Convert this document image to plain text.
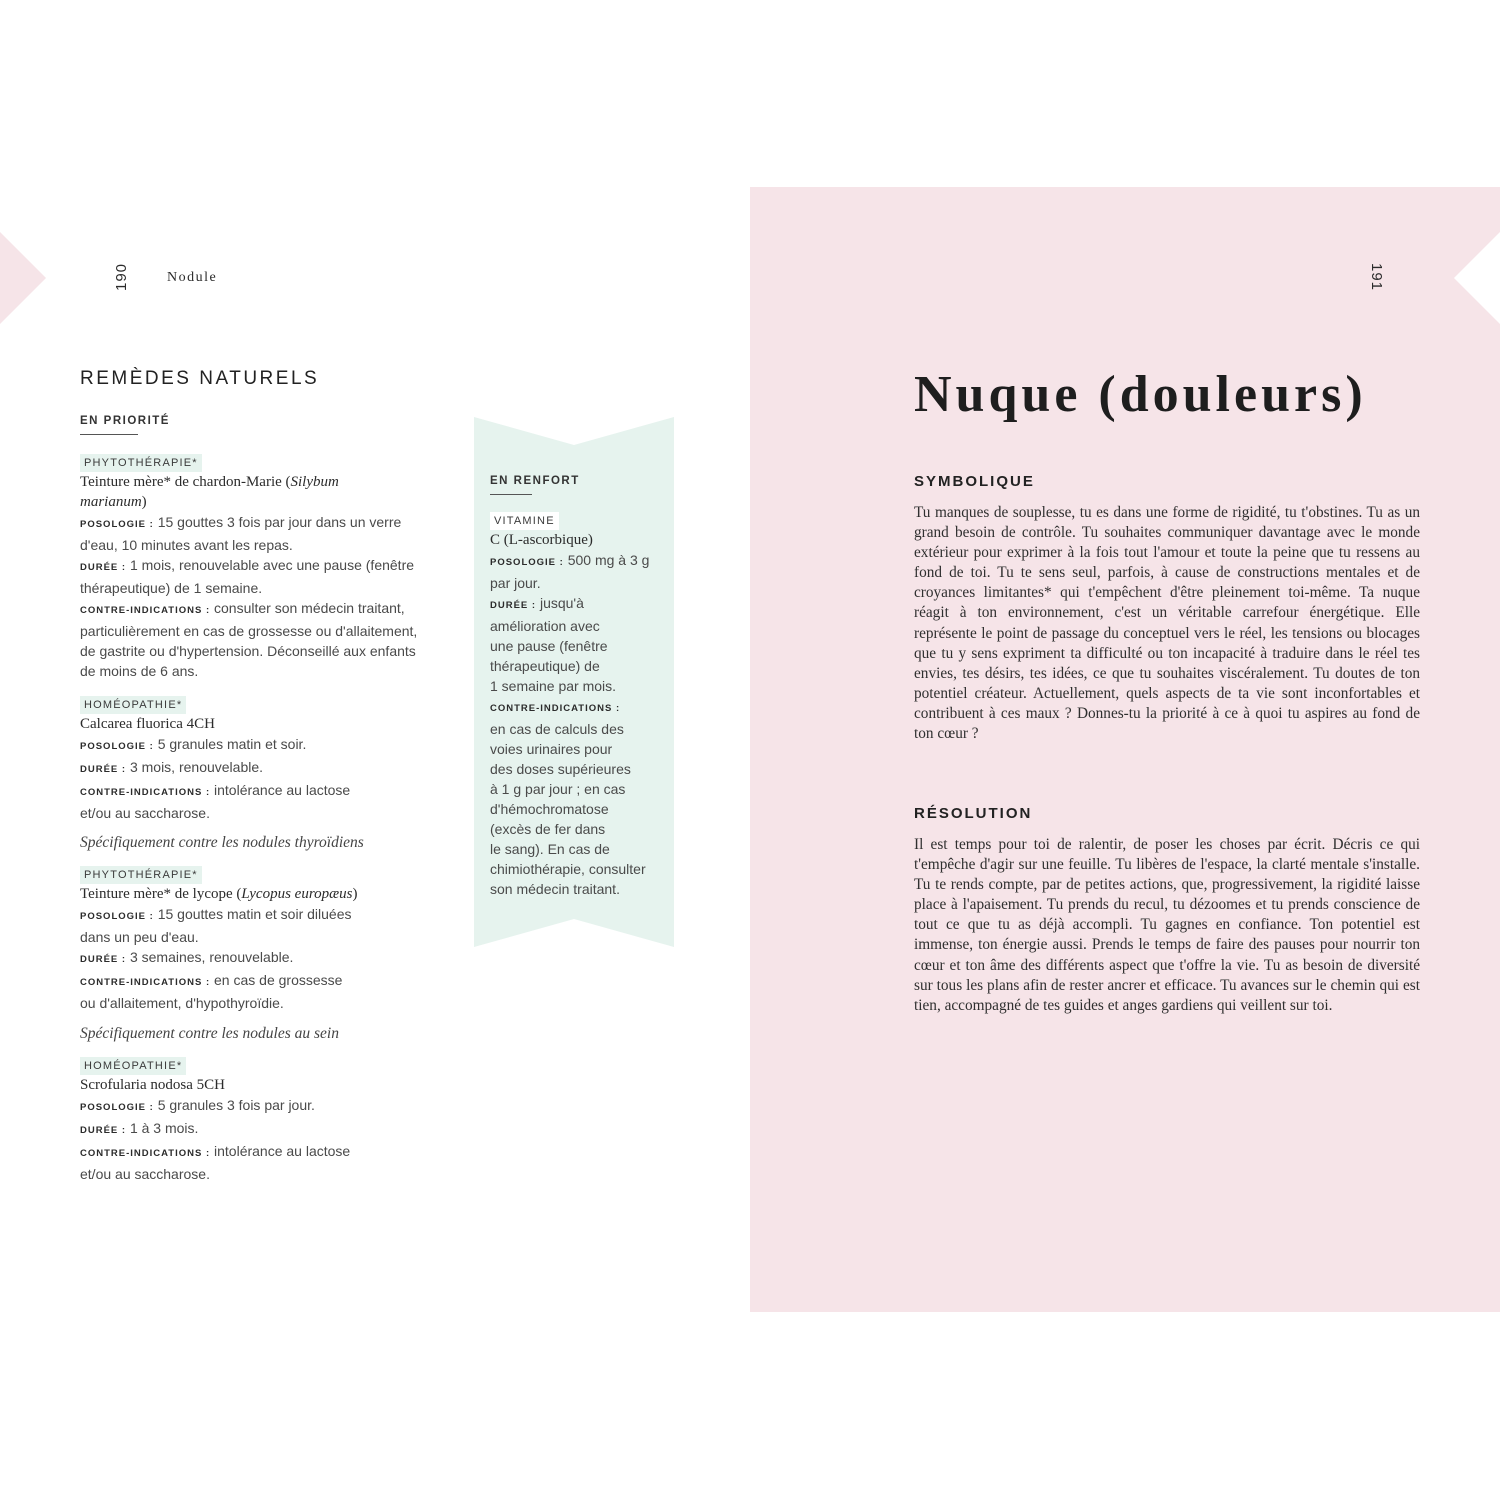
190	Nodule
REMÈDES NATURELS
EN PRIORITÉ
PHYTOTHÉRAPIE*
Teinture mère* de chardon-Marie (Silybum
marianum)
POSOLOGIE : 15 gouttes 3 fois par jour dans un verre
d'eau, 10 minutes avant les repas.
DURÉE : 1 mois, renouvelable avec une pause (fenêtre
thérapeutique) de 1 semaine.
CONTRE-INDICATIONS : consulter son médecin traitant,
particulièrement en cas de grossesse ou d'allaitement,
de gastrite ou d'hypertension. Déconseillé aux enfants
de moins de 6 ans.
HOMÉOPATHIE*
Calcarea fluorica 4CH
POSOLOGIE : 5 granules matin et soir.
DURÉE : 3 mois, renouvelable.
CONTRE-INDICATIONS : intolérance au lactose
et/ou au saccharose.
Spécifiquement contre les nodules thyroïdiens
PHYTOTHÉRAPIE*
Teinture mère* de lycope (Lycopus europæus)
POSOLOGIE : 15 gouttes matin et soir diluées
dans un peu d'eau.
DURÉE : 3 semaines, renouvelable.
CONTRE-INDICATIONS : en cas de grossesse
ou d'allaitement, d'hypothyroïdie.
Spécifiquement contre les nodules au sein
HOMÉOPATHIE*
Scrofularia nodosa 5CH
POSOLOGIE : 5 granules 3 fois par jour.
DURÉE : 1 à 3 mois.
CONTRE-INDICATIONS : intolérance au lactose
et/ou au saccharose.
EN RENFORT
VITAMINE
C (L-ascorbique)
POSOLOGIE : 500 mg à 3 g
par jour.
DURÉE : jusqu'à
amélioration avec
une pause (fenêtre
thérapeutique) de
1 semaine par mois.
CONTRE-INDICATIONS :
en cas de calculs des
voies urinaires pour
des doses supérieures
à 1 g par jour ; en cas
d'hémochromatose
(excès de fer dans
le sang). En cas de
chimiothérapie, consulter
son médecin traitant.
191
Nuque (douleurs)
SYMBOLIQUE
Tu manques de souplesse, tu es dans une forme de rigidité, tu t'obstines. Tu as un grand besoin de contrôle. Tu souhaites communiquer davantage avec le monde extérieur pour exprimer à la fois tout l'amour et toute la peine que tu ressens au fond de toi. Tu te sens seul, parfois, à cause de constructions mentales et de croyances limitantes* qui t'empêchent d'être pleinement toi-même. Ta nuque réagit à ton environnement, c'est un véritable carrefour énergétique. Elle représente le point de passage du conceptuel vers le réel, les tensions ou blocages que tu y sens expriment ta difficulté ou ton incapacité à traduire dans le réel tes envies, tes désirs, tes idées, ce que tu souhaites viscéralement. Tu doutes de ton potentiel créateur. Actuellement, quels aspects de ta vie sont inconfortables et contribuent à ces maux ? Donnes-tu la priorité à ce à quoi tu aspires au fond de ton cœur ?
RÉSOLUTION
Il est temps pour toi de ralentir, de poser les choses par écrit. Décris ce qui t'empêche d'agir sur une feuille. Tu libères de l'espace, la clarté mentale s'installe. Tu te rends compte, par de petites actions, que, progressivement, la rigidité laisse place à l'apaisement. Tu prends du recul, tu dézoomes et tu prends conscience de tout ce que tu as déjà accompli. Tu gagnes en confiance. Ton potentiel est immense, ton énergie aussi. Prends le temps de faire des pauses pour nourrir ton cœur et ton âme des différents aspect que t'offre la vie. Tu as besoin de diversité sur tous les plans afin de rester ancrer et efficace. Tu avances sur le chemin qui est tien, accompagné de tes guides et anges gardiens qui veillent sur toi.
